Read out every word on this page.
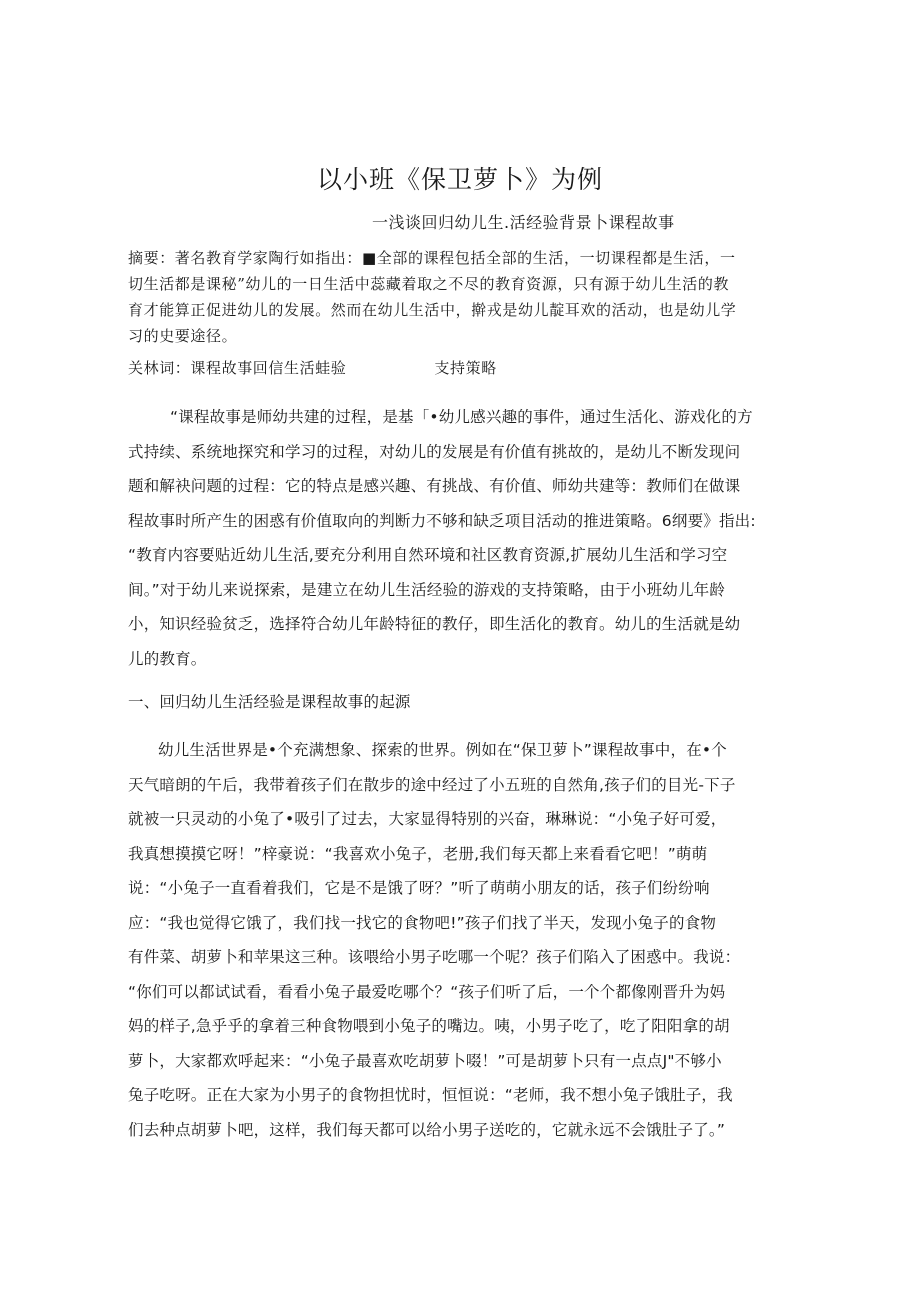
以小班《保卫萝卜》为例
一浅谈回归幼儿生.活经验背景卜课程故事
摘要：著名教育学家陶行如指出：■全部的课程包括全部的生活，一切课程都是生活，一
切生活都是课秘”幼儿的一日生活中蕊藏着取之不尽的教育资源，只有源于幼儿生活的教
育才能算正促进幼儿的发展。然而在幼儿生活中，擀戎是幼儿靛耳欢的活动，也是幼儿学
习的史要途径。
关林词：课程故事回信生活蛙验	支持策略
“课程故事是师幼共建的过程，是基「•幼儿感兴趣的事件，通过生活化、游戏化的方
式持续、系统地探究和学习的过程，对幼儿的发展是有价值有挑故的，是幼儿不断发现问
题和解袂问题的过程：它的特点是感兴趣、有挑战、有价值、师幼共建等：教师们在做课
程故事时所产生的困惑有价值取向的判断力不够和缺乏项目活动的推进策略。6纲要》指出:
“教育内容要贴近幼儿生活,要充分利用自然环境和社区教育资源,扩展幼儿生活和学习空
间。”对于幼儿来说探索，是建立在幼儿生活经验的游戏的支持策略，由于小班幼儿年龄
小，知识经验贫乏，选择符合幼儿年龄特征的教仔，即生活化的教育。幼儿的生活就是幼
儿的教育。
一、回归幼儿生活经验是课程故事的起源
幼儿生活世界是•个充满想象、探索的世界。例如在“保卫萝卜”课程故事中，在•个
天气暗朗的午后，我带着孩子们在散步的途中经过了小五班的自然角,孩子们的目光-下子
就被一只灵动的小兔了•吸引了过去，大家显得特别的兴奋，琳琳说：“小兔子好可爱，
我真想摸摸它呀！”梓豪说：“我喜欢小兔子，老册,我们每天都上来看看它吧！”萌萌
说：“小兔子一直看着我们，它是不是饿了呀？”听了萌萌小朋友的话，孩子们纷纷响
应：“我也觉得它饿了，我们找一找它的食物吧!”孩子们找了半天，发现小兔子的食物
有件菜、胡萝卜和苹果这三种。该喂给小男子吃哪一个呢？孩子们陷入了困惑中。我说：
“你们可以都试试看，看看小兔子最爱吃哪个？“孩子们听了后，一个个都像刚晋升为妈
妈的样子,急乎乎的拿着三种食物喂到小兔子的嘴边。咦，小男子吃了，吃了阳阳拿的胡
萝卜，大家都欢呼起来：“小兔子最喜欢吃胡萝卜啜！”可是胡萝卜只有一点点J"不够小
兔子吃呀。正在大家为小男子的食物担忧时，恒恒说：“老师，我不想小兔子饿肚子，我
们去种点胡萝卜吧，这样，我们每天都可以给小男子送吃的，它就永远不会饿肚子了。”
